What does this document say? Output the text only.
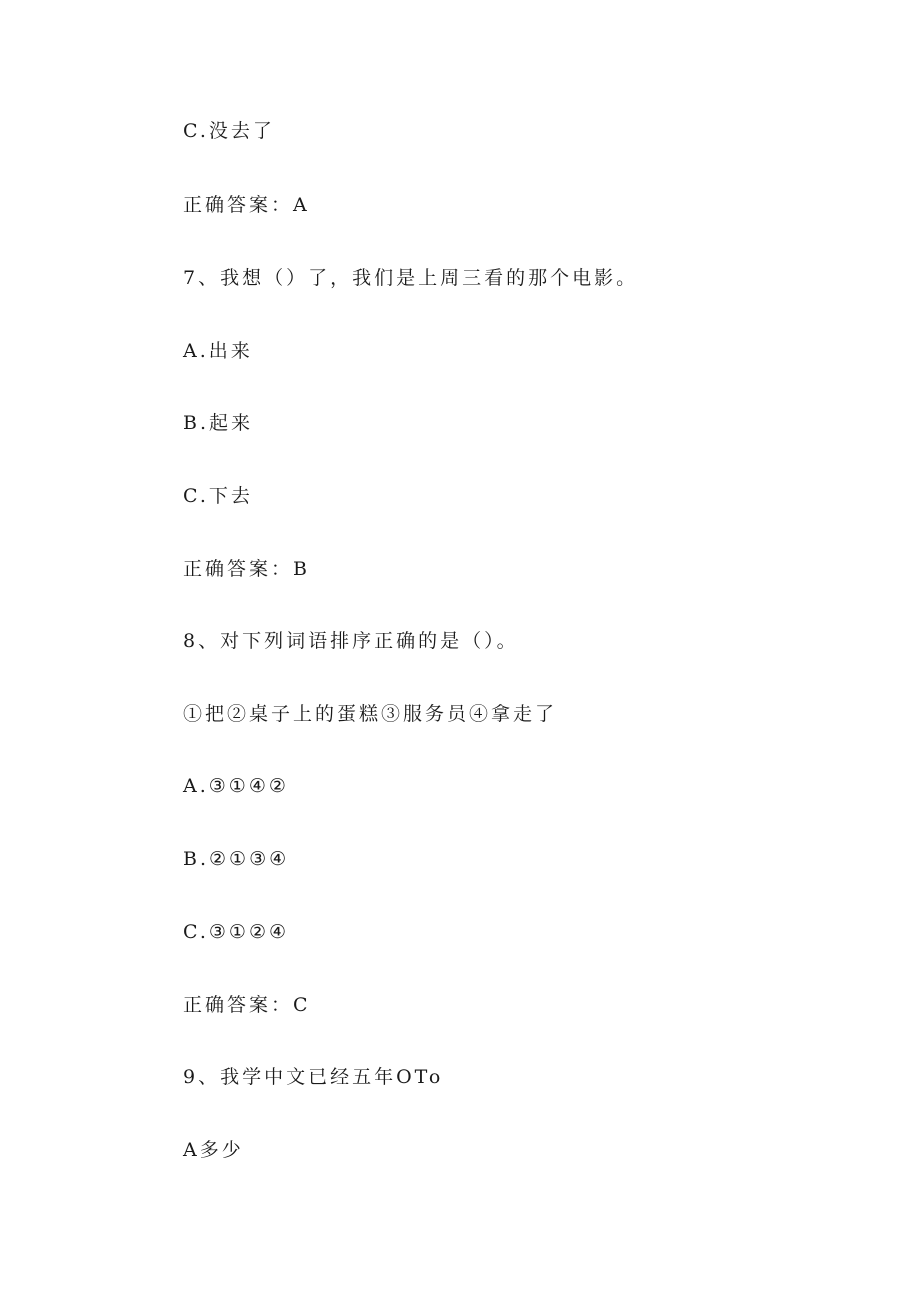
C.没去了

正确答案：A

7、我想（）了，我们是上周三看的那个电影。

A.出来

B.起来

C.下去

正确答案：B

8、对下列词语排序正确的是（）。

①把②桌子上的蛋糕③服务员④拿走了

A.③①④②

B.②①③④

C.③①②④

正确答案：C

9、我学中文已经五年OTo

A多少
